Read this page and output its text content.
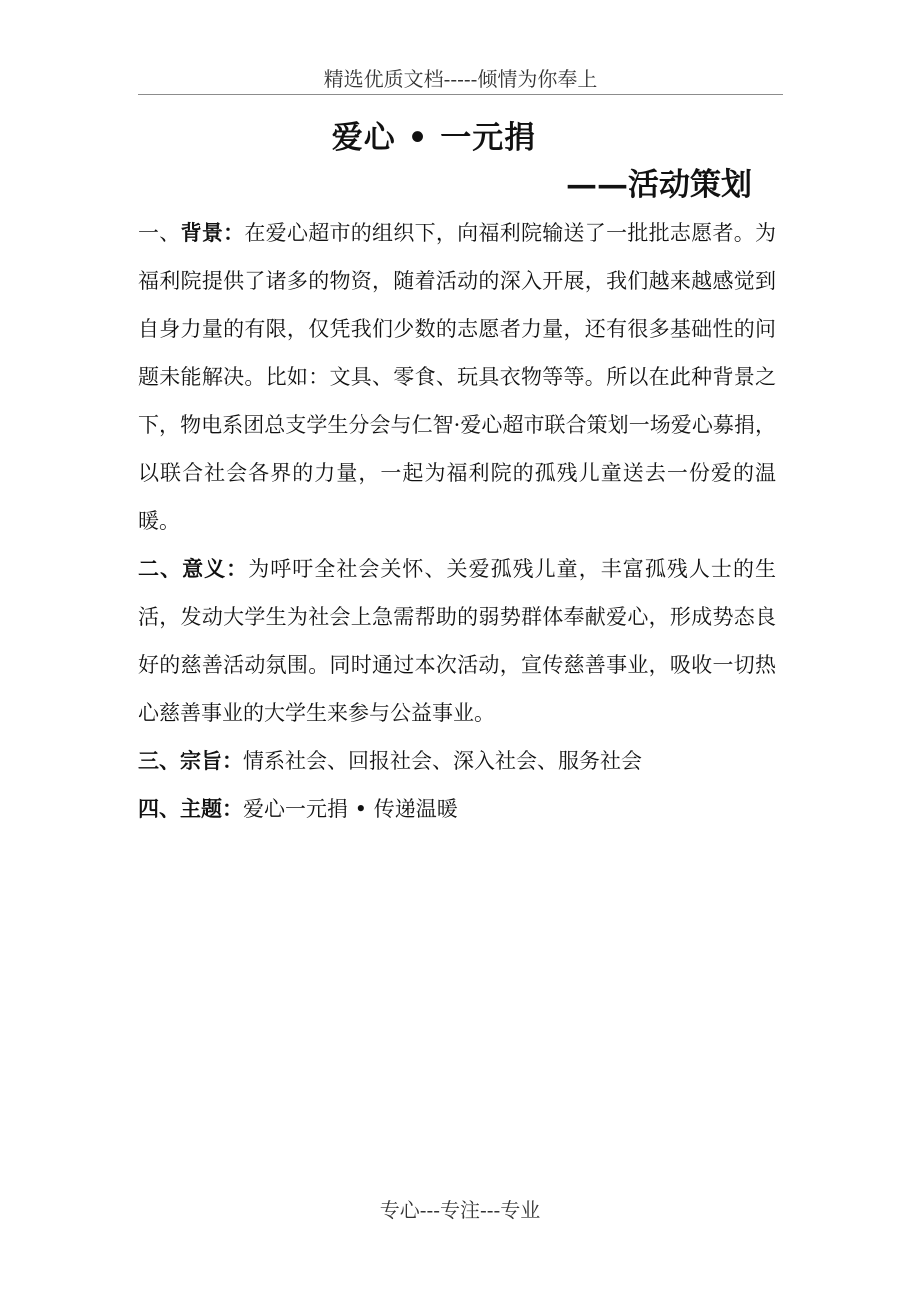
精选优质文档-----倾情为你奉上
爱心 • 一元捐
——活动策划

一、背景：在爱心超市的组织下，向福利院输送了一批批志愿者。为福利院提供了诸多的物资，随着活动的深入开展，我们越来越感觉到自身力量的有限，仅凭我们少数的志愿者力量，还有很多基础性的问题未能解决。比如：文具、零食、玩具衣物等等。所以在此种背景之下，物电系团总支学生分会与仁智·爱心超市联合策划一场爱心募捐，以联合社会各界的力量，一起为福利院的孤残儿童送去一份爱的温暖。

二、意义：为呼吁全社会关怀、关爱孤残儿童，丰富孤残人士的生活，发动大学生为社会上急需帮助的弱势群体奉献爱心，形成势态良好的慈善活动氛围。同时通过本次活动，宣传慈善事业，吸收一切热心慈善事业的大学生来参与公益事业。

三、宗旨：情系社会、回报社会、深入社会、服务社会

四、主题：爱心一元捐 • 传递温暖

专心---专注---专业
